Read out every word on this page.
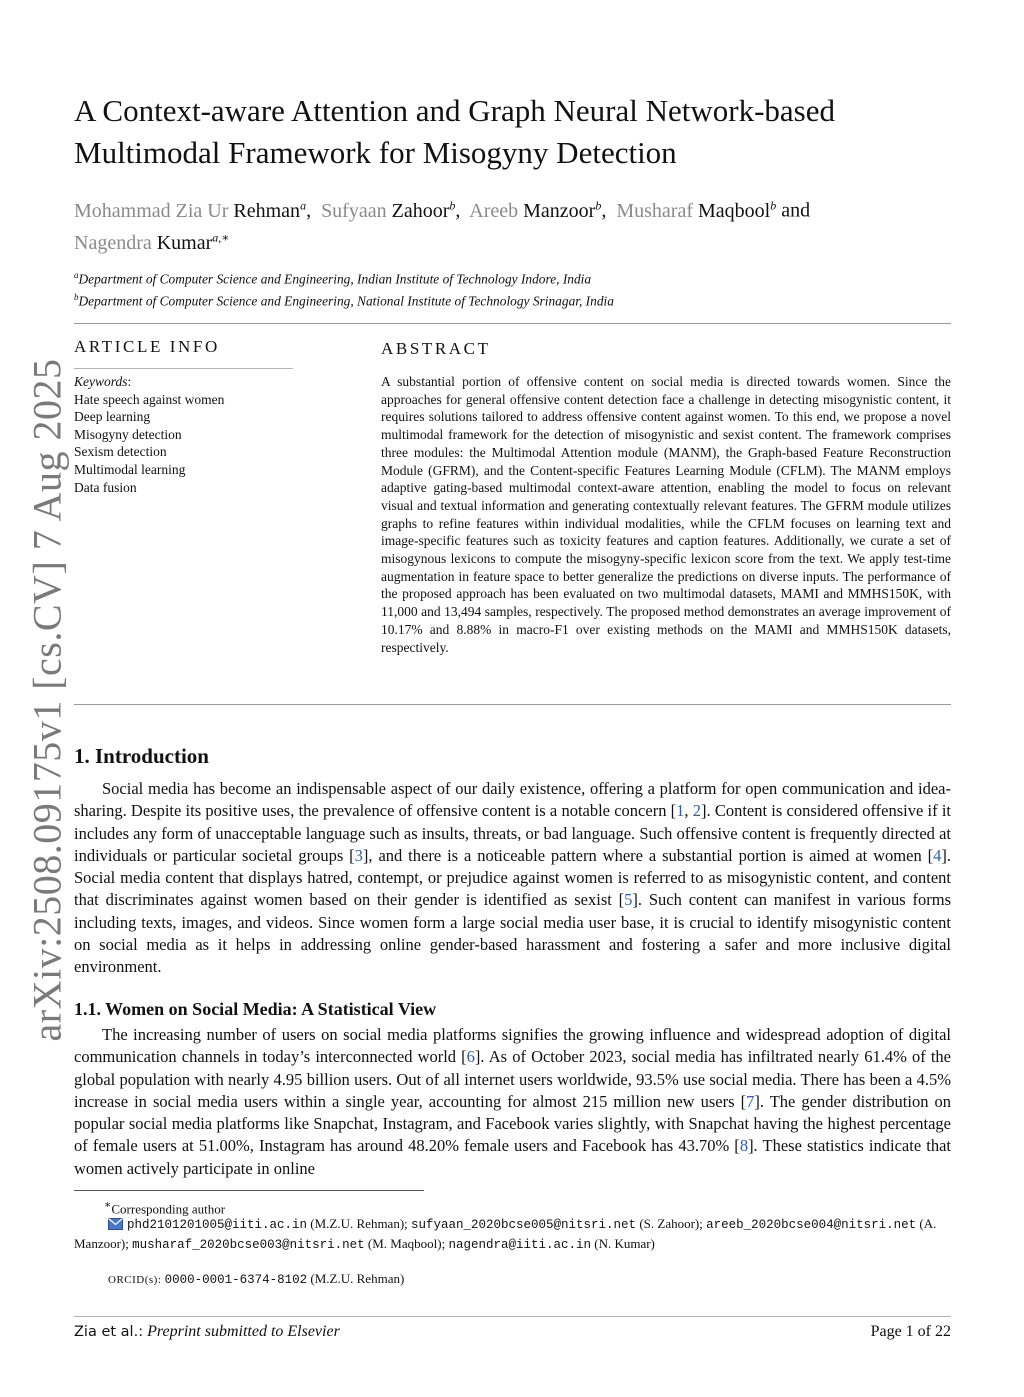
arXiv:2508.09175v1 [cs.CV] 7 Aug 2025
A Context-aware Attention and Graph Neural Network-based
Multimodal Framework for Misogyny Detection
Mohammad Zia Ur Rehman$^a$,  Sufyaan Zahoor$^b$,  Areeb Manzoor$^b$,  Musharaf Maqbool$^b$ and
Nagendra Kumar$^{a,∗}$
$^a$Department of Computer Science and Engineering, Indian Institute of Technology Indore, India
$^b$Department of Computer Science and Engineering, National Institute of Technology Srinagar, India
ARTICLE INFO
Keywords:
Hate speech against women
Deep learning
Misogyny detection
Sexism detection
Multimodal learning
Data fusion
ABSTRACT
A substantial portion of offensive content on social media is directed towards women. Since the approaches for general offensive content detection face a challenge in detecting misogynistic content, it requires solutions tailored to address offensive content against women. To this end, we propose a novel multimodal framework for the detection of misogynistic and sexist content. The framework comprises three modules: the Multimodal Attention module (MANM), the Graph-based Feature Reconstruction Module (GFRM), and the Content-specific Features Learning Module (CFLM). The MANM employs adaptive gating-based multimodal context-aware attention, enabling the model to focus on relevant visual and textual information and generating contextually relevant features. The GFRM module utilizes graphs to refine features within individual modalities, while the CFLM focuses on learning text and image-specific features such as toxicity features and caption features. Additionally, we curate a set of misogynous lexicons to compute the misogyny-specific lexicon score from the text. We apply test-time augmentation in feature space to better generalize the predictions on diverse inputs. The performance of the proposed approach has been evaluated on two multimodal datasets, MAMI and MMHS150K, with 11,000 and 13,494 samples, respectively. The proposed method demonstrates an average improvement of 10.17% and 8.88% in macro-F1 over existing methods on the MAMI and MMHS150K datasets, respectively.
1. Introduction
Social media has become an indispensable aspect of our daily existence, offering a platform for open communication and idea-sharing. Despite its positive uses, the prevalence of offensive content is a notable concern [1, 2]. Content is considered offensive if it includes any form of unacceptable language such as insults, threats, or bad language. Such offensive content is frequently directed at individuals or particular societal groups [3], and there is a noticeable pattern where a substantial portion is aimed at women [4]. Social media content that displays hatred, contempt, or prejudice against women is referred to as misogynistic content, and content that discriminates against women based on their gender is identified as sexist [5]. Such content can manifest in various forms including texts, images, and videos. Since women form a large social media user base, it is crucial to identify misogynistic content on social media as it helps in addressing online gender-based harassment and fostering a safer and more inclusive digital environment.
1.1. Women on Social Media: A Statistical View
The increasing number of users on social media platforms signifies the growing influence and widespread adoption of digital communication channels in today’s interconnected world [6]. As of October 2023, social media has infiltrated nearly 61.4% of the global population with nearly 4.95 billion users. Out of all internet users worldwide, 93.5% use social media. There has been a 4.5% increase in social media users within a single year, accounting for almost 215 million new users [7]. The gender distribution on popular social media platforms like Snapchat, Instagram, and Facebook varies slightly, with Snapchat having the highest percentage of female users at 51.00%, Instagram has around 48.20% female users and Facebook has 43.70% [8]. These statistics indicate that women actively participate in online
∗Corresponding author
phd2101201005@iiti.ac.in (M.Z.U. Rehman); sufyaan_2020bcse005@nitsri.net (S. Zahoor); areeb_2020bcse004@nitsri.net (A. Manzoor); musharaf_2020bcse003@nitsri.net (M. Maqbool); nagendra@iiti.ac.in (N. Kumar)
ORCID(s): 0000-0001-6374-8102 (M.Z.U. Rehman)
Zia et al.: Preprint submitted to Elsevier	Page 1 of 22
